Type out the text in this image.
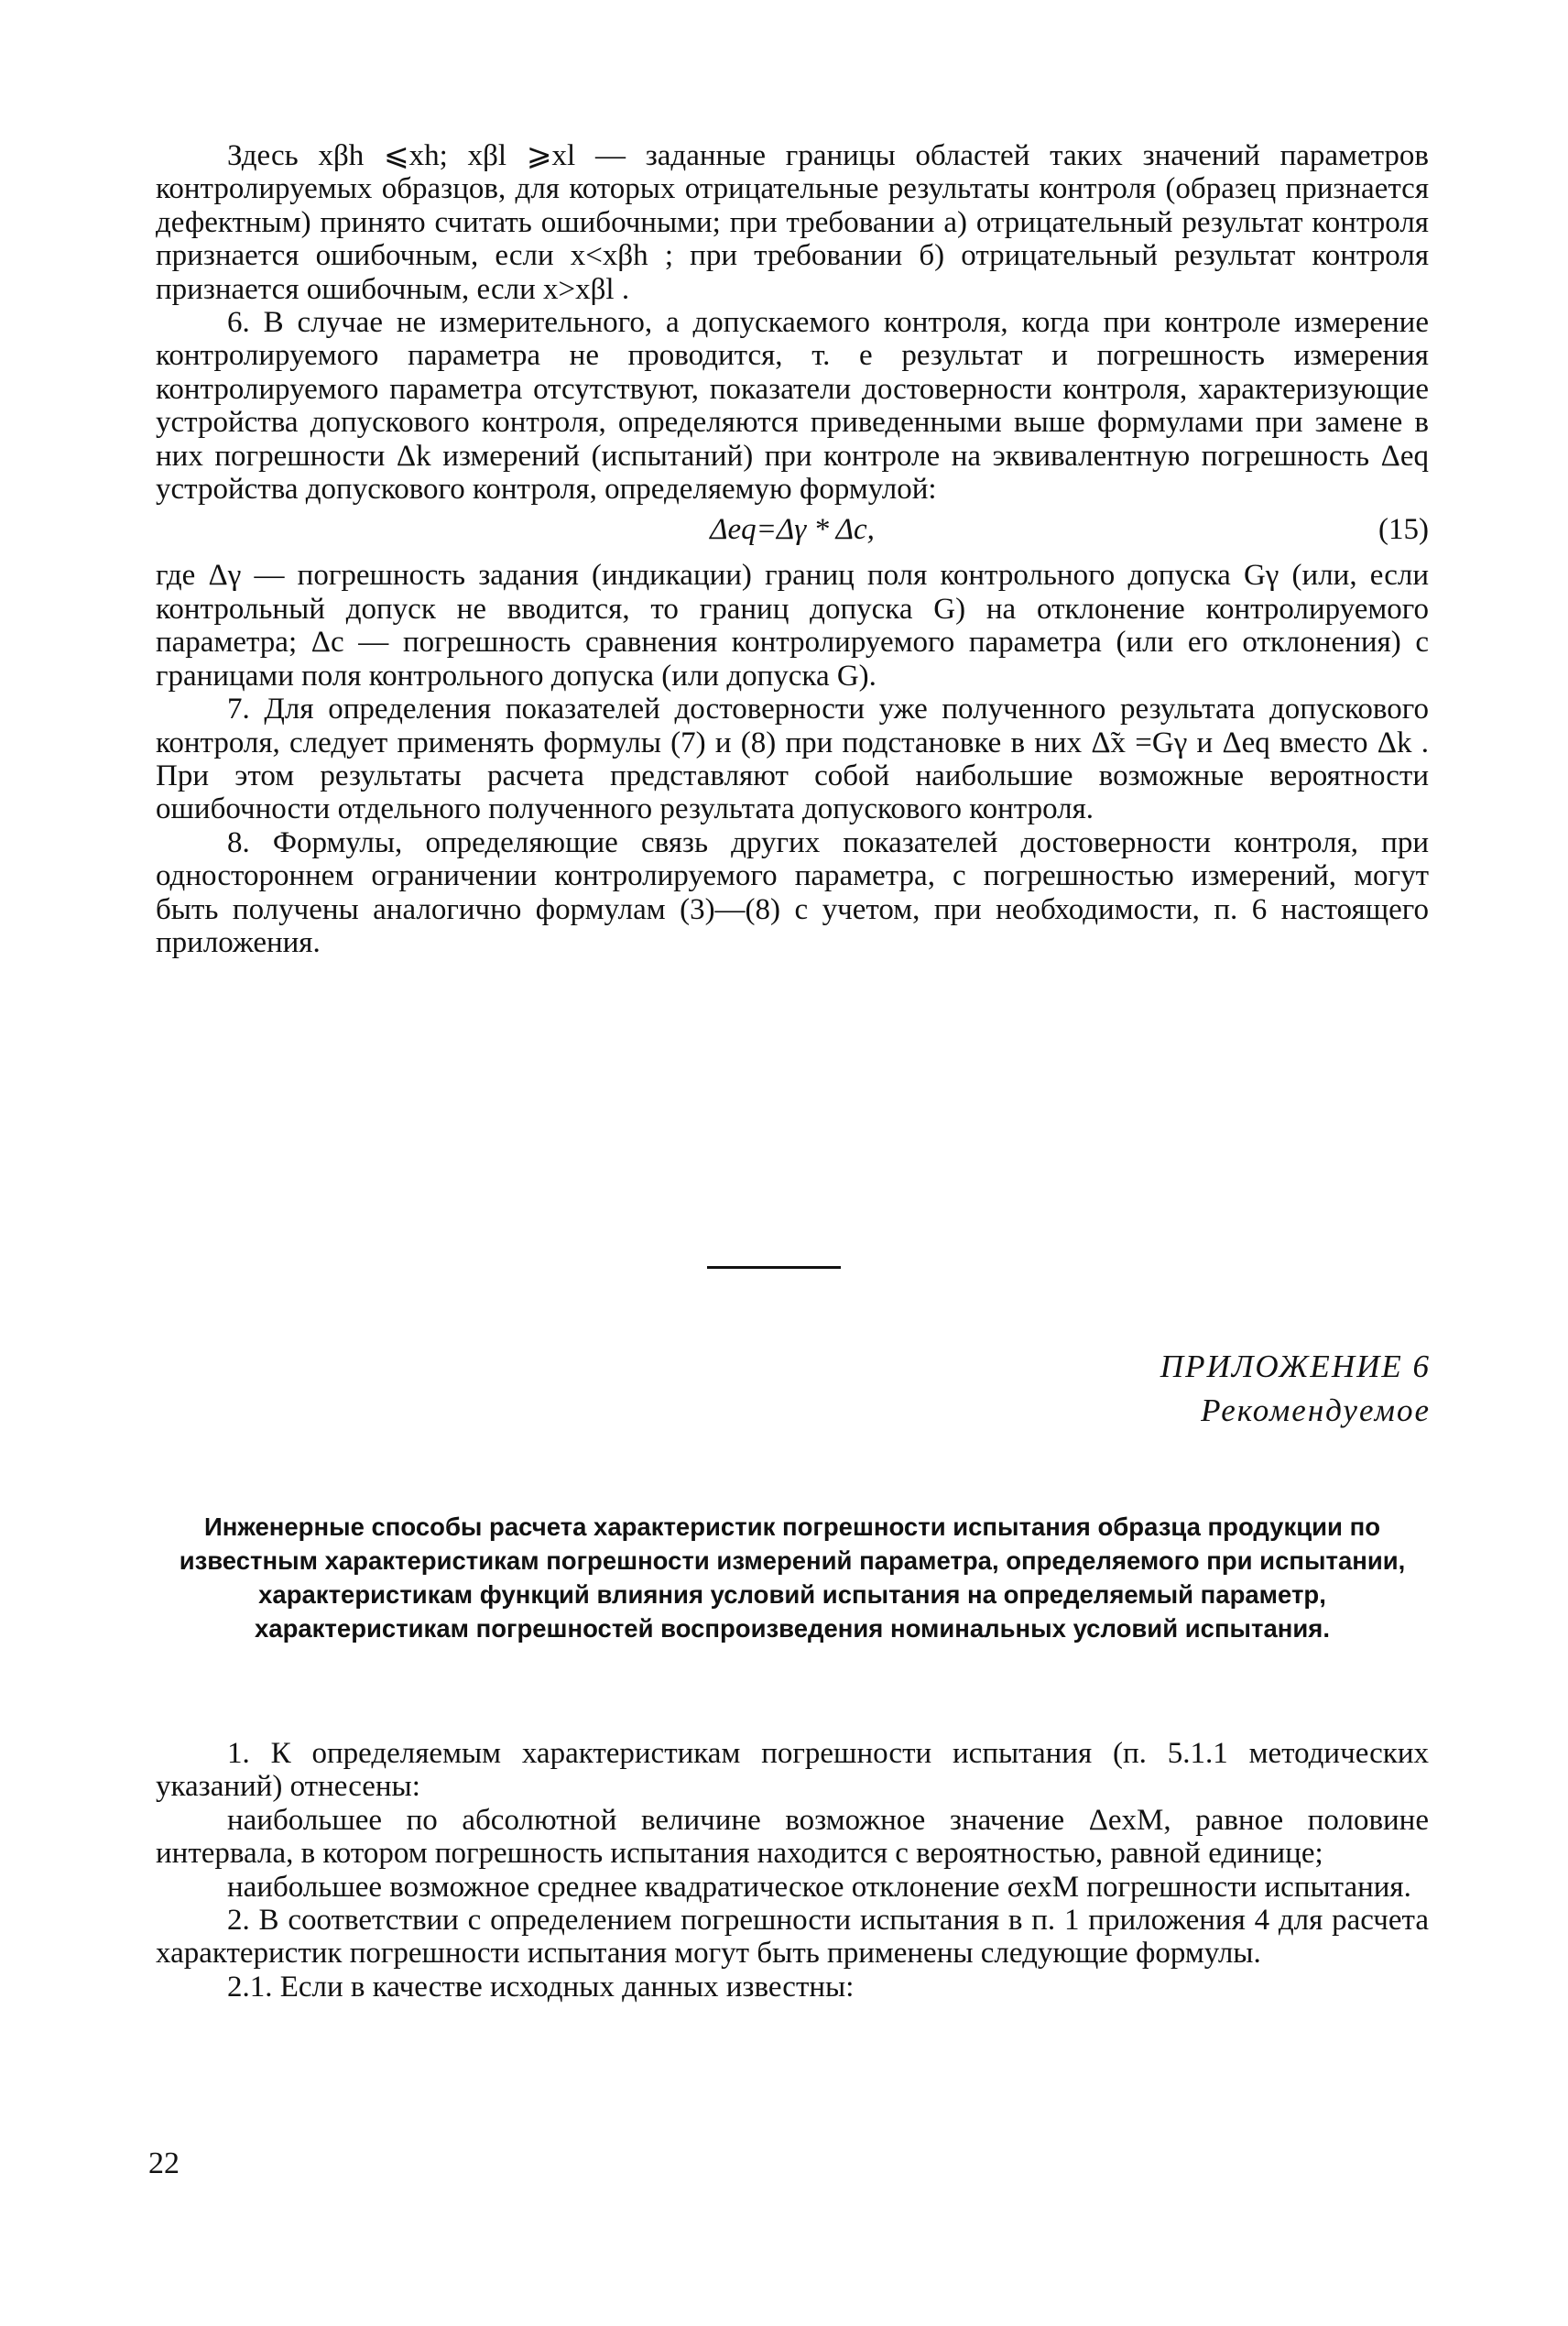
Здесь xβh ⩽xh; xβl ⩾xl — заданные границы областей таких значений параметров контролируемых образцов, для которых отрицательные результаты контроля (образец признается дефектным) принято считать ошибочными; при требовании а) отрицательный результат контроля признается ошибочным, если x<xβh ; при требовании б) отрицательный результат контроля признается ошибочным, если x>xβl .

6. В случае не измерительного, а допускаемого контроля, когда при контроле измерение контролируемого параметра не проводится, т. е результат и погрешность измерения контролируемого параметра отсутствуют, показатели достоверности контроля, характеризующие устройства допускового контроля, определяются приведенными выше формулами при замене в них погрешности Δk измерений (испытаний) при контроле на эквивалентную погрешность Δeq устройства допускового контроля, определяемую формулой:

Δeq=Δγ * Δc,	(15)

где Δγ — погрешность задания (индикации) границ поля контрольного допуска Gγ (или, если контрольный допуск не вводится, то границ допуска G) на отклонение контролируемого параметра; Δc — погрешность сравнения контролируемого параметра (или его отклонения) с границами поля контрольного допуска (или допуска G).

7. Для определения показателей достоверности уже полученного результата допускового контроля, следует применять формулы (7) и (8) при подстановке в них Δ̃x =Gγ и Δeq вместо Δk . При этом результаты расчета представляют собой наибольшие возможные вероятности ошибочности отдельного полученного результата допускового контроля.

8. Формулы, определяющие связь других показателей достоверности контроля, при одностороннем ограничении контролируемого параметра, с погрешностью измерений, могут быть получены аналогично формулам (3)—(8) с учетом, при необходимости, п. 6 настоящего приложения.

ПРИЛОЖЕНИЕ 6
Рекомендуемое

Инженерные способы расчета характеристик погрешности испытания образца продукции по известным характеристикам погрешности измерений параметра, определяемого при испытании, характеристикам функций влияния условий испытания на определяемый параметр, характеристикам погрешностей воспроизведения номинальных условий испытания.

1. К определяемым характеристикам погрешности испытания (п. 5.1.1 методических указаний) отнесены:

наибольшее по абсолютной величине возможное значение ΔexM, равное половине интервала, в котором погрешность испытания находится с вероятностью, равной единице;

наибольшее возможное среднее квадратическое отклонение σexM погрешности испытания.

2. В соответствии с определением погрешности испытания в п. 1 приложения 4 для расчета характеристик погрешности испытания могут быть применены следующие формулы.

2.1. Если в качестве исходных данных известны:

22
